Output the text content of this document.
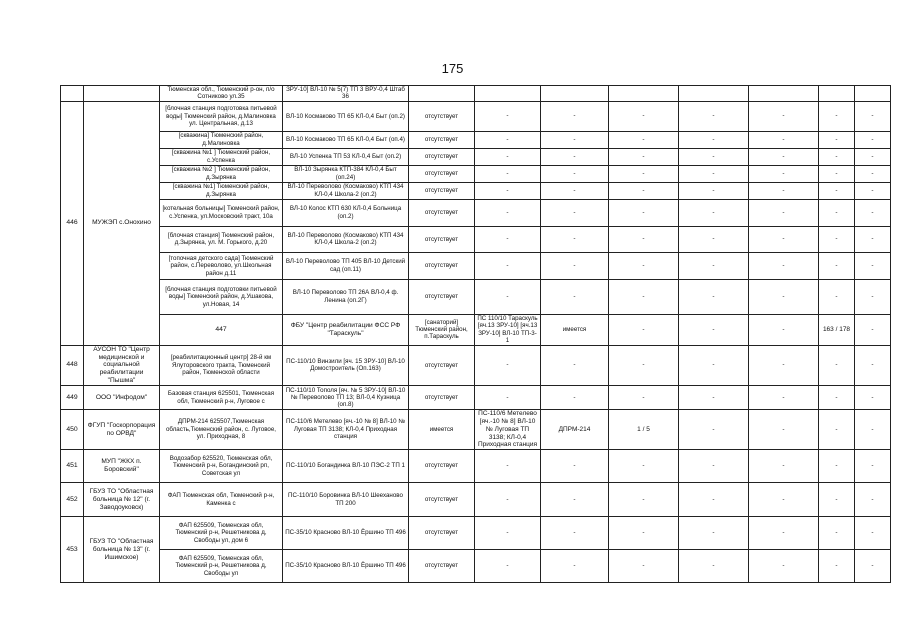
175
		Тюменская обл., Тюменский р-он, п/о Сотниково ул.35	ЗРУ-10] ВЛ-10 № 5(7) ТП 3 ВРУ-0,4 Штаб 36									
446	МУЖЭП с.Онохино	[блочная станция подготовка питьевой воды] Тюменский район, д.Малиновка ул. Центральная, д.13	ВЛ-10 Космаково ТП 65 КЛ-0,4 Быт (оп.2)	отсутствует	-	-	-	-	-	-	-	
		[скважина] Тюменский район, д.Малиновка	ВЛ-10 Космаково ТП 65 КЛ-0,4 Быт (оп.4)	отсутствует	-	-	-	-	-	-	-	
		[скважина №1 ] Тюменский район, с.Успенка	ВЛ-10 Успенка ТП 53 КЛ-0,4 Быт (оп.2)	отсутствует	-	-	-	-	-	-	-	
		[скважина №2 ] Тюменский район, д.Зырянка	ВЛ-10 Зырянка КТП-384 КЛ-0,4 Быт (оп.24)	отсутствует	-	-	-	-	-	-	-	
		[скважина №1] Тюменский район, д.Зырянка	ВЛ-10 Переволово (Космаково) КТП 434 КЛ-0,4 Школа-2 (оп.2)	отсутствует	-	-	-	-	-	-	-	
		[котельная больницы] Тюменский район, с.Успенка, ул.Московский тракт, 10а	ВЛ-10 Колос КТП 630 КЛ-0,4 Больница (оп.2)	отсутствует	-	-	-	-	-	-	-	
		[блочная станция] Тюменский район, д.Зырянка, ул. М. Горького, д.20	ВЛ-10 Переволово (Космаково) КТП 434 КЛ-0,4 Школа-2 (оп.2)	отсутствует	-	-	-	-	-	-	-	
		[топочная детского сада] Тюменский район, с.Переволово, ул.Школьная район д.11	ВЛ-10 Переволово ТП 405 ВЛ-10 Детский сад (оп.11)	отсутствует	-	-	-	-	-	-	-	
		[блочная станция подготовки питьевой воды] Тюменский район, д.Ушакова, ул.Новая, 14	ВЛ-10 Переволово ТП 26А ВЛ-0,4 ф. Ленина (оп.2Г)	отсутствует	-	-	-	-	-	-	-	
		447	ФБУ "Центр реабилитации ФСС РФ "Тараскуль"	[санаторий] Тюменский район, п.Тараскуль	ПС 110/10 Тараскуль [яч.13 ЗРУ-10] [яч.13 ЗРУ-10] ВЛ-10 ТП-3-1	имеется	-	-	-	163 / 178	-			
448	АУСОН ТО "Центр медицинской и социальной реабилитации "Пышма"	[реабилитационный центр] 28-й км Ялуторовского тракта, Тюменский район, Тюменской области	ПС-110/10 Винзили [яч. 15 ЗРУ-10] ВЛ-10 Домостроитель (Оп.163)	отсутствует	-	-	-	-	-	-	-	
449	ООО "Инфодом"	Базовая станция 625501, Тюменская обл, Тюменский р-н, Луговое с	ПС-110/10 Тополя [яч. № 5 ЗРУ-10] ВЛ-10 № Переволово ТП 13; ВЛ-0,4 Кузница (оп.8)	отсутствует	-	-	-	-	-	-	-	
450	ФГУП "Госкорпорация по ОРВД"	ДПРМ-214 625507,Тюменская область,Тюменский район, с. Луговое, ул. Приходная, 8	ПС-110/6 Метелево [яч.-10 № 8] ВЛ-10 № Луговая ТП 3138; КЛ-0,4 Приходная станция	имеется	ПС-110/6 Метелево [яч.-10 № 8] ВЛ-10 № Луговая ТП 3138; КЛ-0,4 Приходная станция	ДПРМ-214	1 / 5	-	-	-	-	
451	МУП "ЖКХ п. Боровский"	Водозабор 625520, Тюменская обл, Тюменский р-н, Богандинский рп, Советская ул	ПС-110/10 Богандинка ВЛ-10 ПЭС-2 ТП 1	отсутствует	-	-	-	-	-	-	-	
452	ГБУЗ ТО "Областная больница № 12" (г. Заводоуковск)	ФАП Тюменская обл, Тюменский р-н, Каменка с	ПС-110/10 Боровинка ВЛ-10 Шееханово ТП 200	отсутствует	-	-	-	-	-	-	-	
453	ГБУЗ ТО "Областная больница № 13" (г. Ишимское)	ФАП 625509, Тюменская обл, Тюменский р-н, Решетникова д, Свободы ул, дом 6	ПС-35/10 Красново ВЛ-10 Ёршино ТП 496	отсутствует	-	-	-	-	-	-	-	
		ФАП 625509, Тюменская обл, Тюменский р-н, Решетникова д, Свободы ул	ПС-35/10 Красново ВЛ-10 Ёршино ТП 496	отсутствует	-	-	-	-	-	-	-	
